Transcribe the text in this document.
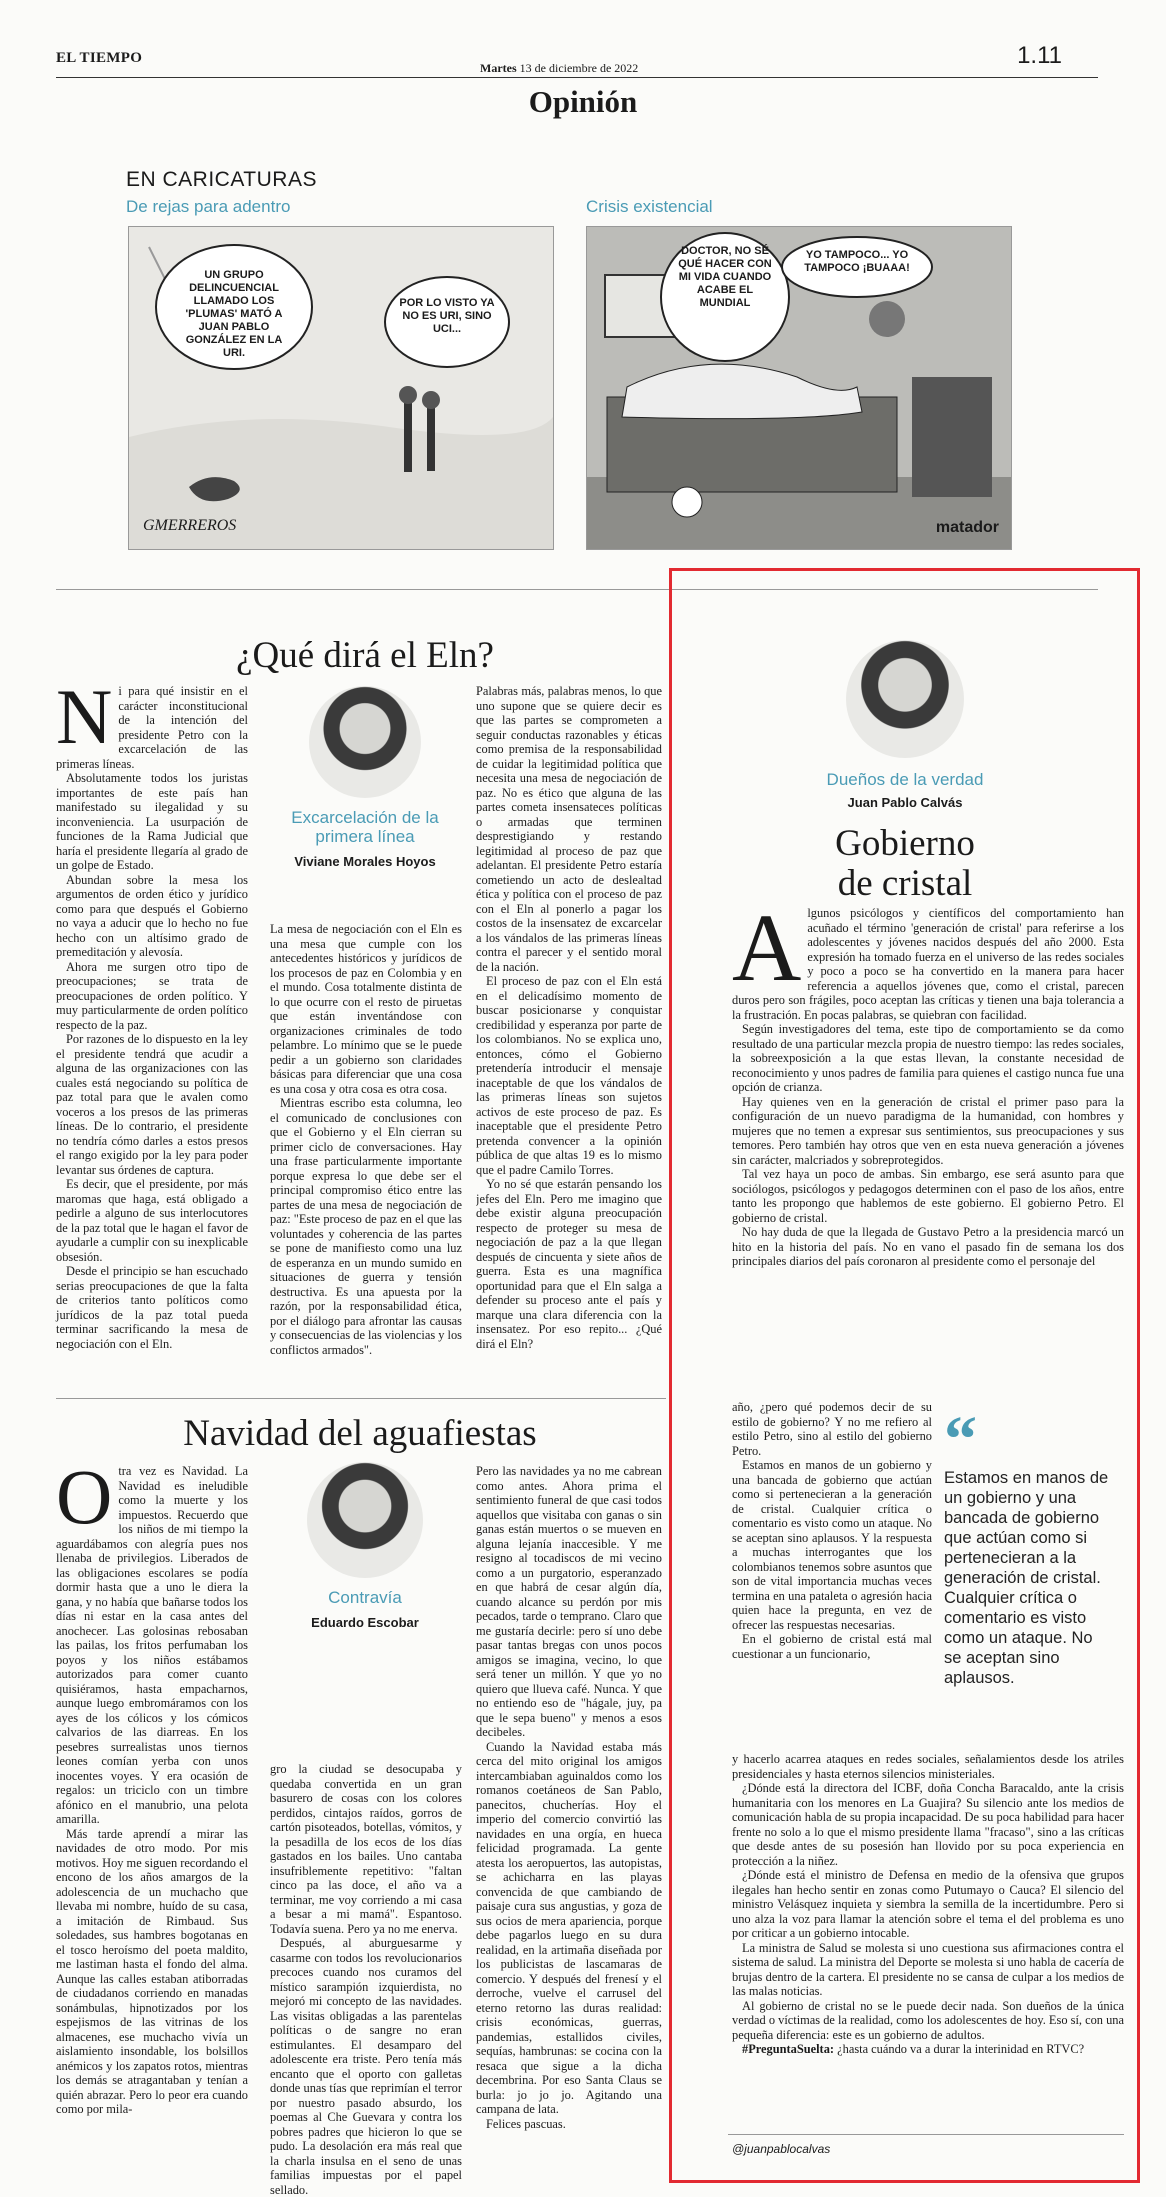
EL TIEMPO
Martes 13 de diciembre de 2022	1.11
Opinión
EN CARICATURAS
De rejas para adentro	Crisis existencial
UN GRUPO DELINCUENCIAL LLAMADO LOS 'PLUMAS' MATÓ A JUAN PABLO GONZÁLEZ EN LA URI.
POR LO VISTO YA NO ES URI, SINO UCI...
GMERREROS
DOCTOR, NO SÉ QUÉ HACER CON MI VIDA CUANDO ACABE EL MUNDIAL
YO TAMPOCO... YO TAMPOCO ¡BUAAA!
matador
¿Qué dirá el Eln?
N i para qué insistir en el carácter inconstitucional de la intención del presidente Petro con la excarcelación de las primeras líneas.

Absolutamente todos los juristas importantes de este país han manifestado su ilegalidad y su inconveniencia. La usurpación de funciones de la Rama Judicial que haría el presidente llegaría al grado de un golpe de Estado.

Abundan sobre la mesa los argumentos de orden ético y jurídico como para que después el Gobierno no vaya a aducir que lo hecho no fue hecho con un altísimo grado de premeditación y alevosía.

Ahora me surgen otro tipo de preocupaciones; se trata de preocupaciones de orden político. Y muy particularmente de orden político respecto de la paz.

Por razones de lo dispuesto en la ley el presidente tendrá que acudir a alguna de las organizaciones con las cuales está negociando su política de paz total para que le avalen como voceros a los presos de las primeras líneas. De lo contrario, el presidente no tendría cómo darles a estos presos el rango exigido por la ley para poder levantar sus órdenes de captura.

Es decir, que el presidente, por más maromas que haga, está obligado a pedirle a alguno de sus interlocutores de la paz total que le hagan el favor de ayudarle a cumplir con su inexplicable obsesión.

Desde el principio se han escuchado serias preocupaciones de que la falta de criterios tanto políticos como jurídicos de la paz total pueda terminar sacrificando la mesa de negociación con el Eln.

Excarcelación de la primera línea
Viviane Morales Hoyos

La mesa de negociación con el Eln es una mesa que cumple con los antecedentes históricos y jurídicos de los procesos de paz en Colombia y en el mundo. Cosa totalmente distinta de lo que ocurre con el resto de piruetas que están inventándose con organizaciones criminales de todo pelambre. Lo mínimo que se le puede pedir a un gobierno son claridades básicas para diferenciar que una cosa es una cosa y otra cosa es otra cosa.

Mientras escribo esta columna, leo el comunicado de conclusiones con que el Gobierno y el Eln cierran su primer ciclo de conversaciones. Hay una frase particularmente importante porque expresa lo que debe ser el principal compromiso ético entre las partes de una mesa de negociación de paz: "Este proceso de paz en el que las voluntades y coherencia de las partes se pone de manifiesto como una luz de esperanza en un mundo sumido en situaciones de guerra y tensión destructiva. Es una apuesta por la razón, por la responsabilidad ética, por el diálogo para afrontar las causas y consecuencias de las violencias y los conflictos armados".

Palabras más, palabras menos, lo que uno supone que se quiere decir es que las partes se comprometen a seguir conductas razonables y éticas como premisa de la responsabilidad de cuidar la legitimidad política que necesita una mesa de negociación de paz. No es ético que alguna de las partes cometa insensateces políticas o armadas que terminen desprestigiando y restando legitimidad al proceso de paz que adelantan. El presidente Petro estaría cometiendo un acto de deslealtad ética y política con el proceso de paz con el Eln al ponerlo a pagar los costos de la insensatez de excarcelar a los vándalos de las primeras líneas contra el parecer y el sentido moral de la nación.

El proceso de paz con el Eln está en el delicadísimo momento de buscar posicionarse y conquistar credibilidad y esperanza por parte de los colombianos. No se explica uno, entonces, cómo el Gobierno pretendería introducir el mensaje inaceptable de que los vándalos de las primeras líneas son sujetos activos de este proceso de paz. Es inaceptable que el presidente Petro pretenda convencer a la opinión pública de que altas 19 es lo mismo que el padre Camilo Torres.

Yo no sé que estarán pensando los jefes del Eln. Pero me imagino que debe existir alguna preocupación respecto de proteger su mesa de negociación de paz a la que llegan después de cincuenta y siete años de guerra. Esta es una magnífica oportunidad para que el Eln salga a defender su proceso ante el país y marque una clara diferencia con la insensatez. Por eso repito... ¿Qué dirá el Eln?

Navidad del aguafiestas
O tra vez es Navidad. La Navidad es ineludible como la muerte y los impuestos. Recuerdo que los niños de mi tiempo la aguardábamos con alegría pues nos llenaba de privilegios. Liberados de las obligaciones escolares se podía dormir hasta que a uno le diera la gana, y no había que bañarse todos los días ni estar en la casa antes del anochecer. Las golosinas rebosaban las pailas, los fritos perfumaban los poyos y los niños estábamos autorizados para comer cuanto quisiéramos, hasta empacharnos, aunque luego embromáramos con los ayes de los cólicos y los cómicos calvarios de las diarreas. En los pesebres surrealistas unos tiernos leones comían yerba con unos inocentes voyes. Y era ocasión de regalos: un triciclo con un timbre afónico en el manubrio, una pelota amarilla.

Más tarde aprendí a mirar las navidades de otro modo. Por mis motivos. Hoy me siguen recordando el encono de los años amargos de la adolescencia de un muchacho que llevaba mi nombre, huído de su casa, a imitación de Rimbaud. Sus soledades, sus hambres bogotanas en el tosco heroísmo del poeta maldito, me lastiman hasta el fondo del alma. Aunque las calles estaban atiborradas de ciudadanos corriendo en manadas sonámbulas, hipnotizados por los espejismos de las vitrinas de los almacenes, ese muchacho vivía un aislamiento insondable, los bolsillos anémicos y los zapatos rotos, mientras los demás se atragantaban y tenían a quién abrazar. Pero lo peor era cuando como por mila-

Contravía
Eduardo Escobar

gro la ciudad se desocupaba y quedaba convertida en un gran basurero de cosas con los colores perdidos, cintajos raídos, gorros de cartón pisoteados, botellas, vómitos, y la pesadilla de los ecos de los días gastados en los bailes. Uno cantaba insufriblemente repetitivo: "faltan cinco pa las doce, el año va a terminar, me voy corriendo a mi casa a besar a mi mamá". Espantoso. Todavía suena. Pero ya no me enerva.

Después, al aburguesarme y casarme con todos los revolucionarios precoces cuando nos curamos del místico sarampión izquierdista, no mejoró mi concepto de las navidades. Las visitas obligadas a las parentelas políticas o de sangre no eran estimulantes. El desamparo del adolescente era triste. Pero tenía más encanto que el oporto con galletas donde unas tías que reprimían el terror por nuestro pasado absurdo, los poemas al Che Guevara y contra los pobres padres que hicieron lo que se pudo. La desolación era más real que la charla insulsa en el seno de unas familias impuestas por el papel sellado.

Pero las navidades ya no me cabrean como antes. Ahora prima el sentimiento funeral de que casi todos aquellos que visitaba con ganas o sin ganas están muertos o se mueven en alguna lejanía inaccesible. Y me resigno al tocadiscos de mi vecino como a un purgatorio, esperanzado en que habrá de cesar algún día, cuando alcance su perdón por mis pecados, tarde o temprano. Claro que me gustaría decirle: pero sí uno debe pasar tantas bregas con unos pocos amigos se imagina, vecino, lo que será tener un millón. Y que yo no quiero que llueva café. Nunca. Y que no entiendo eso de "hágale, juy, pa que le sepa bueno" y menos a esos decibeles.

Cuando la Navidad estaba más cerca del mito original los amigos intercambiaban aguinaldos como los romanos coetáneos de San Pablo, panecitos, chucherías. Hoy el imperio del comercio convirtió las navidades en una orgía, en hueca felicidad programada. La gente atesta los aeropuertos, las autopistas, se achicharra en las playas convencida de que cambiando de paisaje cura sus angustias, y goza de sus ocios de mera apariencia, porque debe pagarlos luego en su dura realidad, en la artimaña diseñada por los publicistas de lascamaras de comercio. Y después del frenesí y el derroche, vuelve el carrusel del eterno retorno las duras realidad: crisis económicas, guerras, pandemias, estallidos civiles, sequías, hambrunas: se cocina con la resaca que sigue a la dicha decembrina. Por eso Santa Claus se burla: jo jo jo. Agitando una campana de lata.

Felices pascuas.

Dueños de la verdad
Juan Pablo Calvás
Gobierno
de cristal
A lgunos psicólogos y científicos del comportamiento han acuñado el término 'generación de cristal' para referirse a los adolescentes y jóvenes nacidos después del año 2000. Esta expresión ha tomado fuerza en el universo de las redes sociales y poco a poco se ha convertido en la manera para hacer referencia a aquellos jóvenes que, como el cristal, parecen duros pero son frágiles, poco aceptan las críticas y tienen una baja tolerancia a la frustración. En pocas palabras, se quiebran con facilidad.

Según investigadores del tema, este tipo de comportamiento se da como resultado de una particular mezcla propia de nuestro tiempo: las redes sociales, la sobreexposición a la que estas llevan, la constante necesidad de reconocimiento y unos padres de familia para quienes el castigo nunca fue una opción de crianza.

Hay quienes ven en la generación de cristal el primer paso para la configuración de un nuevo paradigma de la humanidad, con hombres y mujeres que no temen a expresar sus sentimientos, sus preocupaciones y sus temores. Pero también hay otros que ven en esta nueva generación a jóvenes sin carácter, malcriados y sobreprotegidos.

Tal vez haya un poco de ambas. Sin embargo, ese será asunto para que sociólogos, psicólogos y pedagogos determinen con el paso de los años, entre tanto les propongo que hablemos de este gobierno. El gobierno Petro. El gobierno de cristal.

No hay duda de que la llegada de Gustavo Petro a la presidencia marcó un hito en la historia del país. No en vano el pasado fin de semana los dos principales diarios del país coronaron al presidente como el personaje del

año, ¿pero qué podemos decir de su estilo de gobierno? Y no me refiero al estilo Petro, sino al estilo del gobierno Petro.

Estamos en manos de un gobierno y una bancada de gobierno que actúan como si pertenecieran a la generación de cristal. Cualquier crítica o comentario es visto como un ataque. No se aceptan sino aplausos. Y la respuesta a muchas interrogantes que los colombianos tenemos sobre asuntos que son de vital importancia muchas veces termina en una pataleta o agresión hacia quien hace la pregunta, en vez de ofrecer las respuestas necesarias.

En el gobierno de cristal está mal cuestionar a un funcionario,

“
Estamos en manos de un gobierno y una bancada de gobierno que actúan como si pertenecieran a la generación de cristal. Cualquier crítica o comentario es visto como un ataque. No se aceptan sino aplausos.

y hacerlo acarrea ataques en redes sociales, señalamientos desde los atriles presidenciales y hasta eternos silencios ministeriales.

¿Dónde está la directora del ICBF, doña Concha Baracaldo, ante la crisis humanitaria con los menores en La Guajira? Su silencio ante los medios de comunicación habla de su propia incapacidad. De su poca habilidad para hacer frente no solo a lo que el mismo presidente llama "fracaso", sino a las críticas que desde antes de su posesión han llovido por su poca experiencia en protección a la niñez.

¿Dónde está el ministro de Defensa en medio de la ofensiva que grupos ilegales han hecho sentir en zonas como Putumayo o Cauca? El silencio del ministro Velásquez inquieta y siembra la semilla de la incertidumbre. Pero si uno alza la voz para llamar la atención sobre el tema el del problema es uno por criticar a un gobierno intocable.

La ministra de Salud se molesta si uno cuestiona sus afirmaciones contra el sistema de salud. La ministra del Deporte se molesta si uno habla de cacería de brujas dentro de la cartera. El presidente no se cansa de culpar a los medios de las malas noticias.

Al gobierno de cristal no se le puede decir nada. Son dueños de la única verdad o víctimas de la realidad, como los adolescentes de hoy. Eso sí, con una pequeña diferencia: este es un gobierno de adultos.

#PreguntaSuelta: ¿hasta cuándo va a durar la interinidad en RTVC?

@juanpablocalvas
